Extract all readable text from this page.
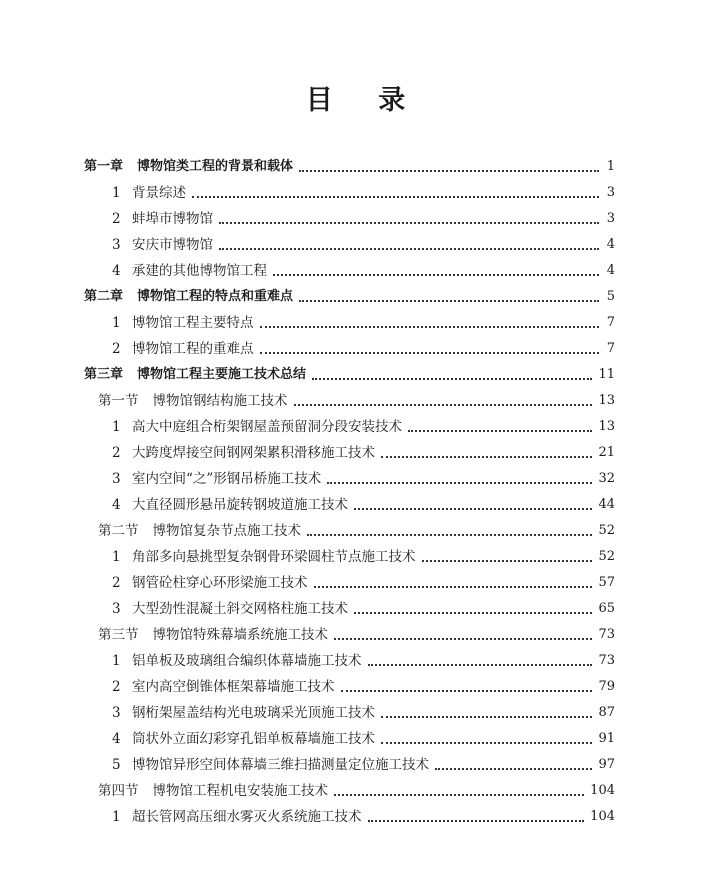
目 录
第一章 博物馆类工程的背景和载体	1
1 背景综述	3
2 蚌埠市博物馆	3
3 安庆市博物馆	4
4 承建的其他博物馆工程	4
第二章 博物馆工程的特点和重难点	5
1 博物馆工程主要特点	7
2 博物馆工程的重难点	7
第三章 博物馆工程主要施工技术总结	11
第一节 博物馆钢结构施工技术	13
1 高大中庭组合桁架钢屋盖预留洞分段安装技术	13
2 大跨度焊接空间钢网架累积滑移施工技术	21
3 室内空间“之”形钢吊桥施工技术	32
4 大直径圆形悬吊旋转钢坡道施工技术	44
第二节 博物馆复杂节点施工技术	52
1 角部多向悬挑型复杂钢骨环梁圆柱节点施工技术	52
2 钢管砼柱穿心环形梁施工技术	57
3 大型劲性混凝土斜交网格柱施工技术	65
第三节 博物馆特殊幕墙系统施工技术	73
1 铝单板及玻璃组合编织体幕墙施工技术	73
2 室内高空倒锥体框架幕墙施工技术	79
3 钢桁架屋盖结构光电玻璃采光顶施工技术	87
4 筒状外立面幻彩穿孔铝单板幕墙施工技术	91
5 博物馆异形空间体幕墙三维扫描测量定位施工技术	97
第四节 博物馆工程机电安装施工技术	104
1 超长管网高压细水雾灭火系统施工技术	104
